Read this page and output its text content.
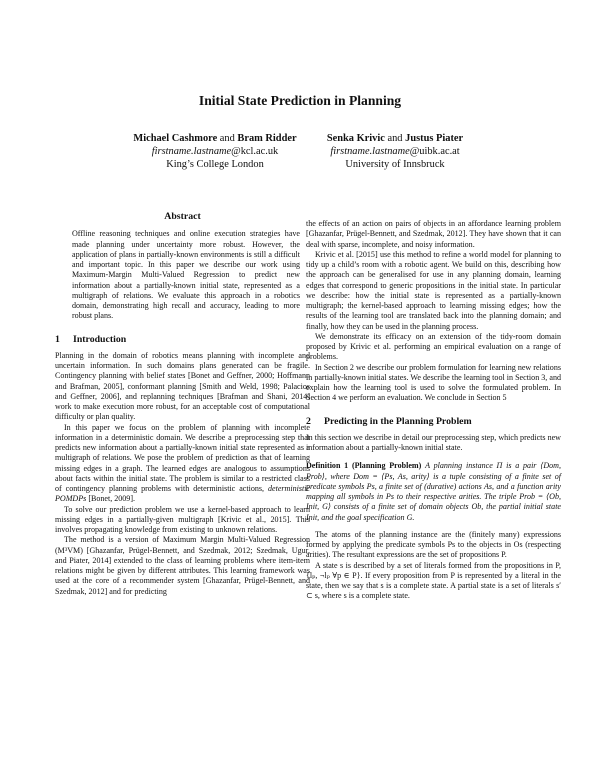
Initial State Prediction in Planning
Michael Cashmore and Bram Ridder
firstname.lastname@kcl.ac.uk
King’s College London
Senka Krivic and Justus Piater
firstname.lastname@uibk.ac.at
University of Innsbruck
Abstract

Offline reasoning techniques and online execution strategies have made planning under uncertainty more robust. However, the application of plans in partially-known environments is still a difficult and important topic. In this paper we describe our work using Maximum-Margin Multi-Valued Regression to predict new information about a partially-known initial state, represented as a multigraph of relations. We evaluate this approach in a robotics domain, demonstrating high recall and accuracy, leading to more robust plans.

1 Introduction

Planning in the domain of robotics means planning with incomplete and uncertain information. In such domains plans generated can be fragile. Contingency planning with belief states [Bonet and Geffner, 2000; Hoffmann and Brafman, 2005], conformant planning [Smith and Weld, 1998; Palacios and Geffner, 2006], and replanning techniques [Brafman and Shani, 2014] work to make execution more robust, for an acceptable cost of computational difficulty or plan quality.

In this paper we focus on the problem of planning with incomplete information in a deterministic domain. We describe a preprocessing step that predicts new information about a partially-known initial state represented as a multigraph of relations. We pose the problem of prediction as that of learning missing edges in a graph. The learned edges are analogous to assumptions about facts within the initial state. The problem is similar to a restricted class of contingency planning problems with deterministic actions, deterministic POMDPs [Bonet, 2009].

To solve our prediction problem we use a kernel-based approach to learn missing edges in a partially-given multigraph [Krivic et al., 2015]. This involves propagating knowledge from existing to unknown relations.

The method is a version of Maximum Margin Multi-Valued Regression (M³VM) [Ghazanfar, Prügel-Bennett, and Szedmak, 2012; Szedmak, Ugur, and Piater, 2014] extended to the class of learning problems where item-item relations might be given by different attributes. This learning framework was used at the core of a recommender system [Ghazanfar, Prügel-Bennett, and Szedmak, 2012] and for predicting

the effects of an action on pairs of objects in an affordance learning problem [Ghazanfar, Prügel-Bennett, and Szedmak, 2012]. They have shown that it can deal with sparse, incomplete, and noisy information.

Krivic et al. [2015] use this method to refine a world model for planning to tidy up a child’s room with a robotic agent. We build on this, describing how the approach can be generalised for use in any planning domain, learning edges that correspond to generic propositions in the initial state. In particular we describe: how the initial state is represented as a partially-known multigraph; the kernel-based approach to learning missing edges; how the results of the learning tool are translated back into the planning domain; and finally, how they can be used in the planning process.

We demonstrate its efficacy on an extension of the tidy-room domain proposed by Krivic et al. performing an empirical evaluation on a range of problems.

In Section 2 we describe our problem formulation for learning new relations in partially-known initial states. We describe the learning tool in Section 3, and explain how the learning tool is used to solve the formulated problem. In Section 4 we perform an evaluation. We conclude in Section 5

2 Predicting in the Planning Problem

In this section we describe in detail our preprocessing step, which predicts new information about a partially-known initial state.

Definition 1 (Planning Problem) A planning instance Π is a pair ⟨Dom, Prob⟩, where Dom = ⟨Ps, As, arity⟩ is a tuple consisting of a finite set of predicate symbols Ps, a finite set of (durative) actions As, and a function arity mapping all symbols in Ps to their respective arities. The triple Prob = ⟨Ob, Init, G⟩ consists of a finite set of domain objects Ob, the partial initial state Init, and the goal specification G.

The atoms of the planning instance are the (finitely many) expressions formed by applying the predicate symbols Ps to the objects in Os (respecting arities). The resultant expressions are the set of propositions P.

A state s is described by a set of literals formed from the propositions in P, {lₚ, ¬lₚ ∀p ∈ P}. If every proposition from P is represented by a literal in the state, then we say that s is a complete state. A partial state is a set of literals s′ ⊂ s, where s is a complete state.
